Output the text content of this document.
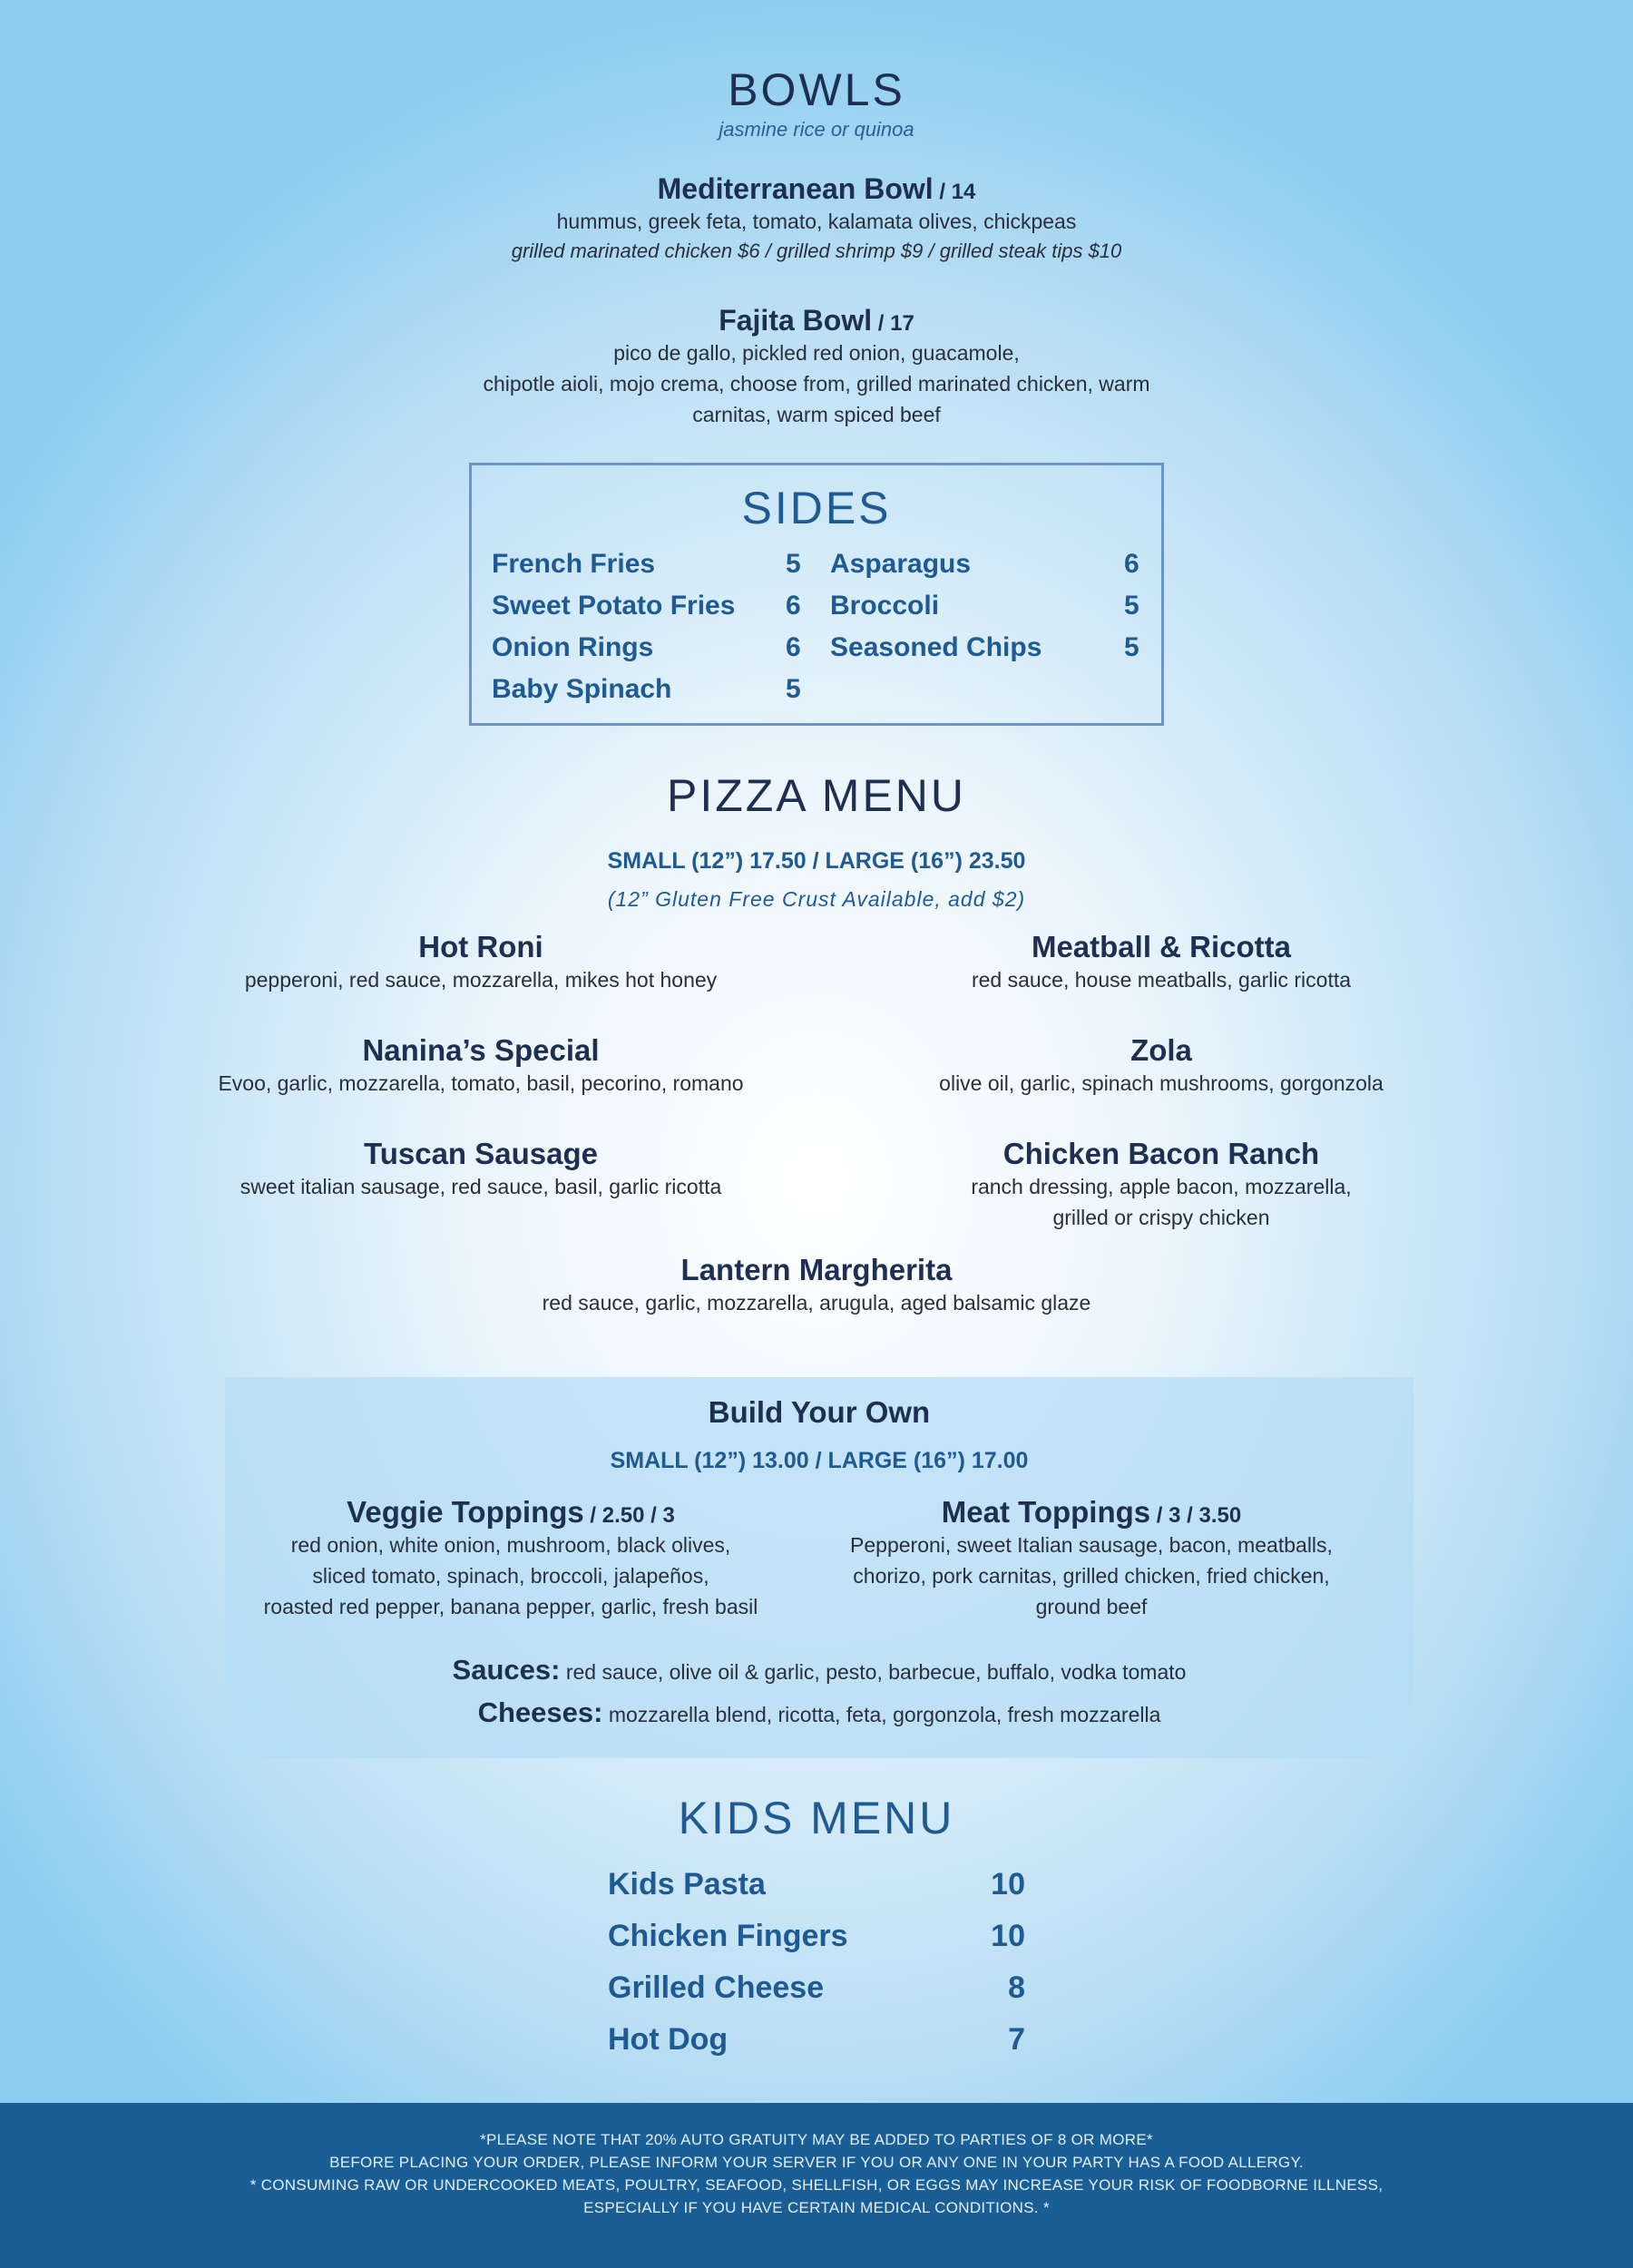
BOWLS
jasmine rice or quinoa
Mediterranean Bowl / 14
hummus, greek feta, tomato, kalamata olives, chickpeas
grilled marinated chicken $6 / grilled shrimp $9 / grilled steak tips $10
Fajita Bowl / 17
pico de gallo, pickled red onion, guacamole,
chipotle aioli, mojo crema, choose from, grilled marinated chicken, warm
carnitas, warm spiced beef
SIDES
French Fries	5
Sweet Potato Fries 6
Onion Rings	6
Baby Spinach	5
Asparagus	6
Broccoli	5
Seasoned Chips	5
PIZZA MENU
SMALL (12”) 17.50 / LARGE (16”) 23.50
(12” Gluten Free Crust Available, add $2)
Hot Roni
pepperoni, red sauce, mozzarella, mikes hot honey
Meatball & Ricotta
red sauce, house meatballs, garlic ricotta
Nanina’s Special
Evoo, garlic, mozzarella, tomato, basil, pecorino, romano
Zola
olive oil, garlic, spinach mushrooms, gorgonzola
Tuscan Sausage
sweet italian sausage, red sauce, basil, garlic ricotta
Chicken Bacon Ranch
ranch dressing, apple bacon, mozzarella,
grilled or crispy chicken
Lantern Margherita
red sauce, garlic, mozzarella, arugula, aged balsamic glaze
Build Your Own
SMALL (12”) 13.00 / LARGE (16”) 17.00
Veggie Toppings / 2.50 / 3
red onion, white onion, mushroom, black olives,
sliced tomato, spinach, broccoli, jalapeños,
roasted red pepper, banana pepper, garlic, fresh basil
Meat Toppings / 3 / 3.50
Pepperoni, sweet Italian sausage, bacon, meatballs,
chorizo, pork carnitas, grilled chicken, fried chicken,
ground beef
Sauces: red sauce, olive oil & garlic, pesto, barbecue, buffalo, vodka tomato
Cheeses: mozzarella blend, ricotta, feta, gorgonzola, fresh mozzarella
KIDS MENU
Kids Pasta	10
Chicken Fingers	10
Grilled Cheese	8
Hot Dog	7
*PLEASE NOTE THAT 20% AUTO GRATUITY MAY BE ADDED TO PARTIES OF 8 OR MORE*
BEFORE PLACING YOUR ORDER, PLEASE INFORM YOUR SERVER IF YOU OR ANY ONE IN YOUR PARTY HAS A FOOD ALLERGY.
* CONSUMING RAW OR UNDERCOOKED MEATS, POULTRY, SEAFOOD, SHELLFISH, OR EGGS MAY INCREASE YOUR RISK OF FOODBORNE ILLNESS,
ESPECIALLY IF YOU HAVE CERTAIN MEDICAL CONDITIONS. *
